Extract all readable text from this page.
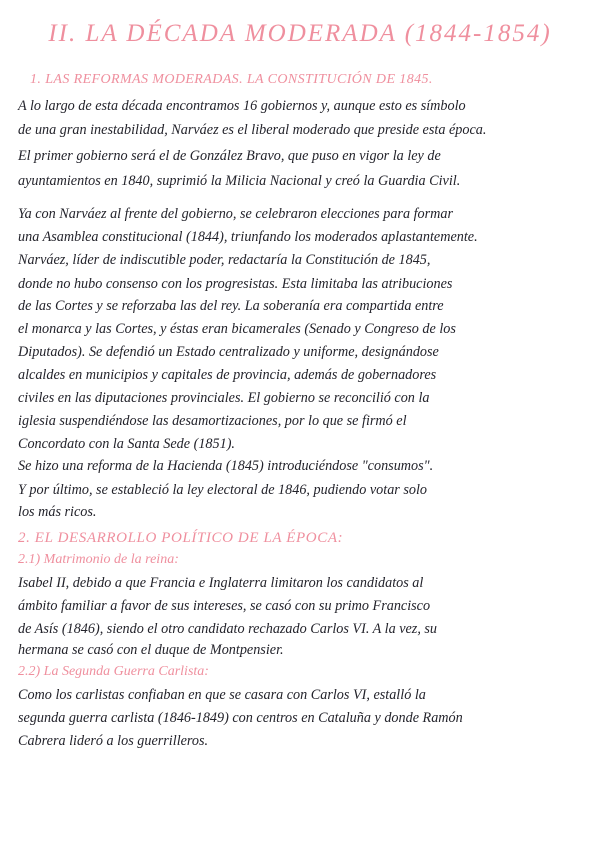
II. LA DÉCADA MODERADA (1844-1854)
1. LAS REFORMAS MODERADAS. LA CONSTITUCIÓN DE 1845.
A lo largo de esta década encontramos 16 gobiernos y, aunque esto es símbolo
de una gran inestabilidad, Narváez es el liberal moderado que preside esta época.
El primer gobierno será el de González Bravo, que puso en vigor la ley de
ayuntamientos en 1840, suprimió la Milicia Nacional y creó la Guardia Civil.
Ya con Narváez al frente del gobierno, se celebraron elecciones para formar
una Asamblea constitucional (1844), triunfando los moderados aplastantemente.
Narváez, líder de indiscutible poder, redactaría la Constitución de 1845,
donde no hubo consenso con los progresistas. Esta limitaba las atribuciones
de las Cortes y se reforzaba las del rey. La soberanía era compartida entre
el monarca y las Cortes, y éstas eran bicamerales (Senado y Congreso de los
Diputados). Se defendió un Estado centralizado y uniforme, designándose
alcaldes en municipios y capitales de provincia, además de gobernadores
civiles en las diputaciones provinciales. El gobierno se reconcilió con la
iglesia suspendiéndose las desamortizaciones, por lo que se firmó el
Concordato con la Santa Sede (1851).
Se hizo una reforma de la Hacienda (1845) introduciéndose "consumos".
Y por último, se estableció la ley electoral de 1846, pudiendo votar solo
los más ricos.
2. EL DESARROLLO POLÍTICO DE LA ÉPOCA:
2.1) Matrimonio de la reina:
Isabel II, debido a que Francia e Inglaterra limitaron los candidatos al
ámbito familiar a favor de sus intereses, se casó con su primo Francisco
de Asís (1846), siendo el otro candidato rechazado Carlos VI. A la vez, su
hermana se casó con el duque de Montpensier.
2.2) La Segunda Guerra Carlista:
Como los carlistas confiaban en que se casara con Carlos VI, estalló la
segunda guerra carlista (1846-1849) con centros en Cataluña y donde Ramón
Cabrera lideró a los guerrilleros.
